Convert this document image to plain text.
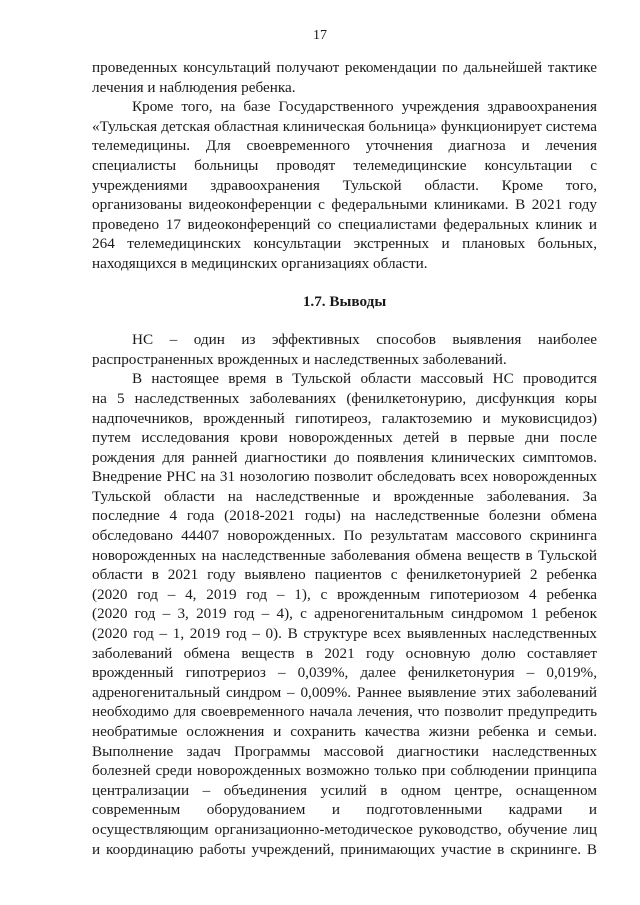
17
проведенных консультаций получают рекомендации по дальнейшей тактике
лечения и наблюдения ребенка.
Кроме того, на базе Государственного учреждения здравоохранения
«Тульская детская областная клиническая больница» функционирует система
телемедицины. Для своевременного уточнения диагноза и лечения
специалисты больницы проводят телемедицинские консультации с
учреждениями здравоохранения Тульской области. Кроме того,
организованы видеоконференции с федеральными клиниками. В 2021 году
проведено 17 видеоконференций со специалистами федеральных клиник и
264 телемедицинских консультации экстренных и плановых больных,
находящихся в медицинских организациях области.
1.7. Выводы
НС – один из эффективных способов выявления наиболее
распространенных врожденных и наследственных заболеваний.
В настоящее время в Тульской области массовый НС проводится
на 5 наследственных заболеваниях (фенилкетонурию, дисфункция коры
надпочечников, врожденный гипотиреоз, галактоземию и муковисцидоз)
путем исследования крови новорожденных детей в первые дни после
рождения для ранней диагностики до появления клинических симптомов.
Внедрение РНС на 31 нозологию позволит обследовать всех новорожденных
Тульской области на наследственные и врожденные заболевания. За
последние 4 года (2018-2021 годы) на наследственные болезни обмена
обследовано 44407 новорожденных. По результатам массового скрининга
новорожденных на наследственные заболевания обмена веществ в Тульской
области в 2021 году выявлено пациентов с фенилкетонурией 2 ребенка
(2020 год – 4, 2019 год – 1), с врожденным гипотериозом 4 ребенка
(2020 год – 3, 2019 год – 4), с адреногенитальным синдромом 1 ребенок
(2020 год – 1, 2019 год – 0). В структуре всех выявленных наследственных
заболеваний обмена веществ в 2021 году основную долю составляет
врожденный гипотрериоз – 0,039%, далее фенилкетонурия – 0,019%,
адреногенитальный синдром – 0,009%. Раннее выявление этих заболеваний
необходимо для своевременного начала лечения, что позволит предупредить
необратимые осложнения и сохранить качества жизни ребенка и семьи.
Выполнение задач Программы массовой диагностики наследственных
болезней среди новорожденных возможно только при соблюдении принципа
централизации – объединения усилий в одном центре, оснащенном
современным оборудованием и подготовленными кадрами и
осуществляющим организационно-методическое руководство, обучение лиц
и координацию работы учреждений, принимающих участие в скрининге. В
